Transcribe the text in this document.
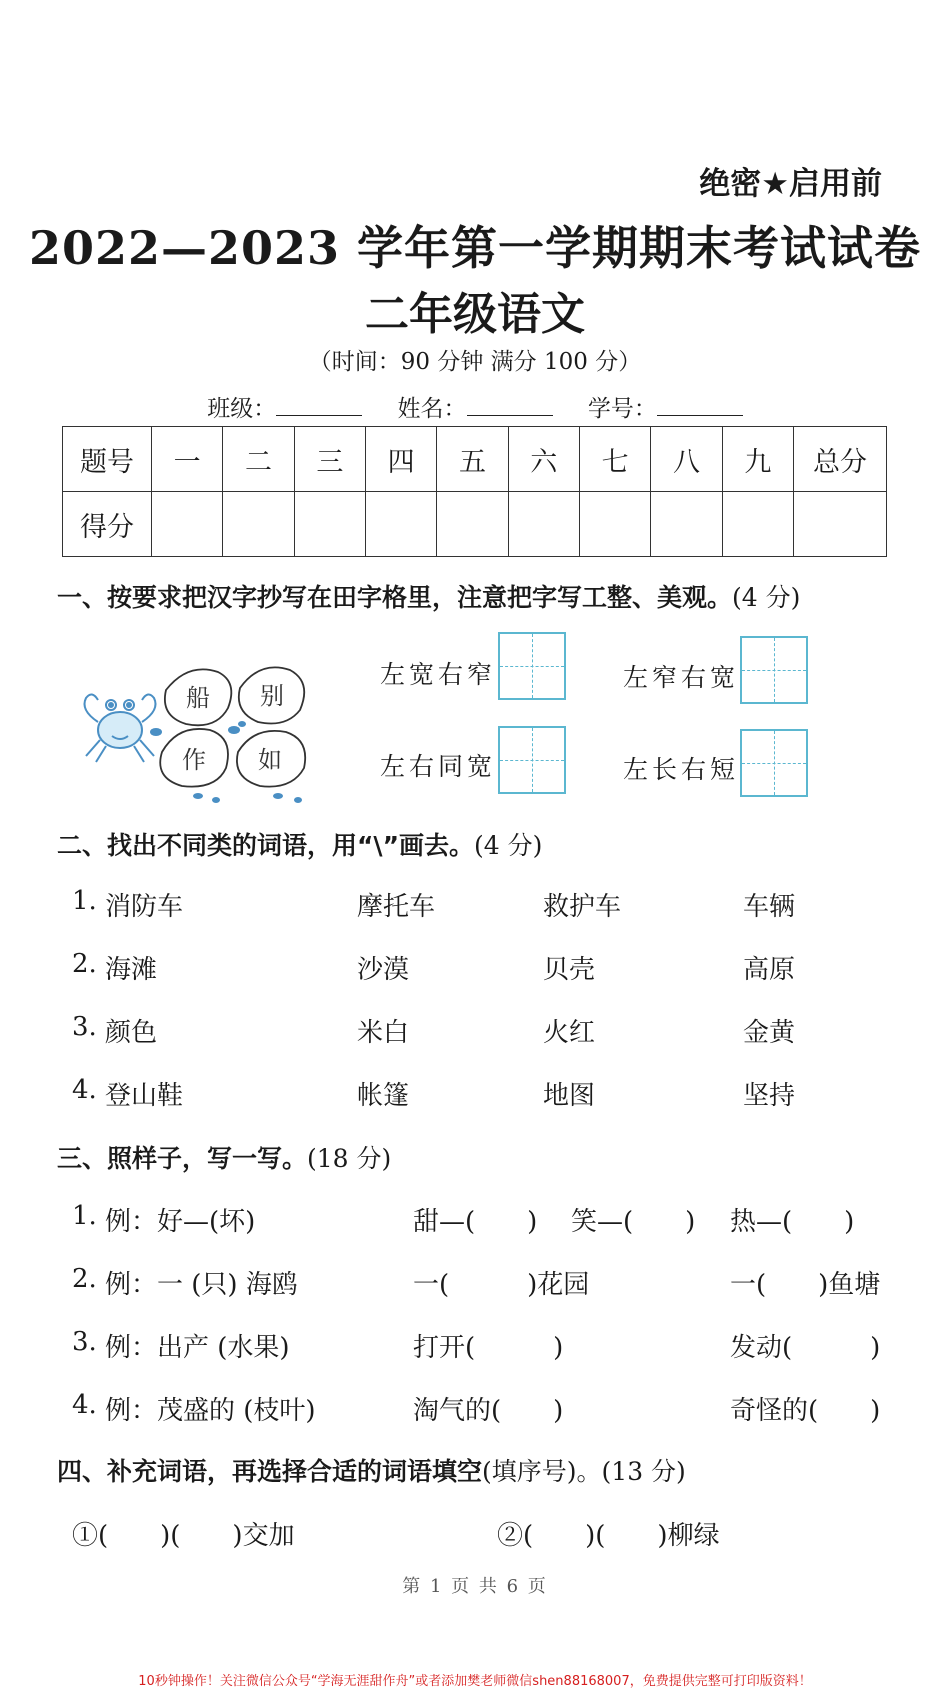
绝密★启用前
2022—2023 学年第一学期期末考试试卷
二年级语文
（时间：90 分钟 满分 100 分）
班级：	姓名：	学号：
题号	一	二	三	四	五	六	七	八	九	总分
得分										
一、按要求把汉字抄写在田字格里，注意把字写工整、美观。(4 分)
船 别
作 如
左宽右窄	左窄右宽
左右同宽	左长右短
二、找出不同类的词语，用“\”画去。(4 分)
1. 消防车	摩托车	救护车	车辆
2. 海滩	沙漠	贝壳	高原
3. 颜色	米白	火红	金黄
4. 登山鞋	帐篷	地图	坚持
三、照样子，写一写。(18 分)
1. 例：好—(坏)	甜—(　　) 笑—(　　) 热—(　　)
2. 例：一 (只) 海鸥	一(　　　)花园	一(　　)鱼塘
3. 例：出产 (水果)	打开(　　　)	发动(　　　)
4. 例：茂盛的 (枝叶)	淘气的(　　)	奇怪的(　　)
四、补充词语，再选择合适的词语填空(填序号)。(13 分)
①(　　)(　　)交加	②(　　)(　　)柳绿
第 1 页 共 6 页
10秒钟操作！关注微信公众号“学海无涯甜作舟”或者添加樊老师微信shen88168007，免费提供完整可打印版资料！
